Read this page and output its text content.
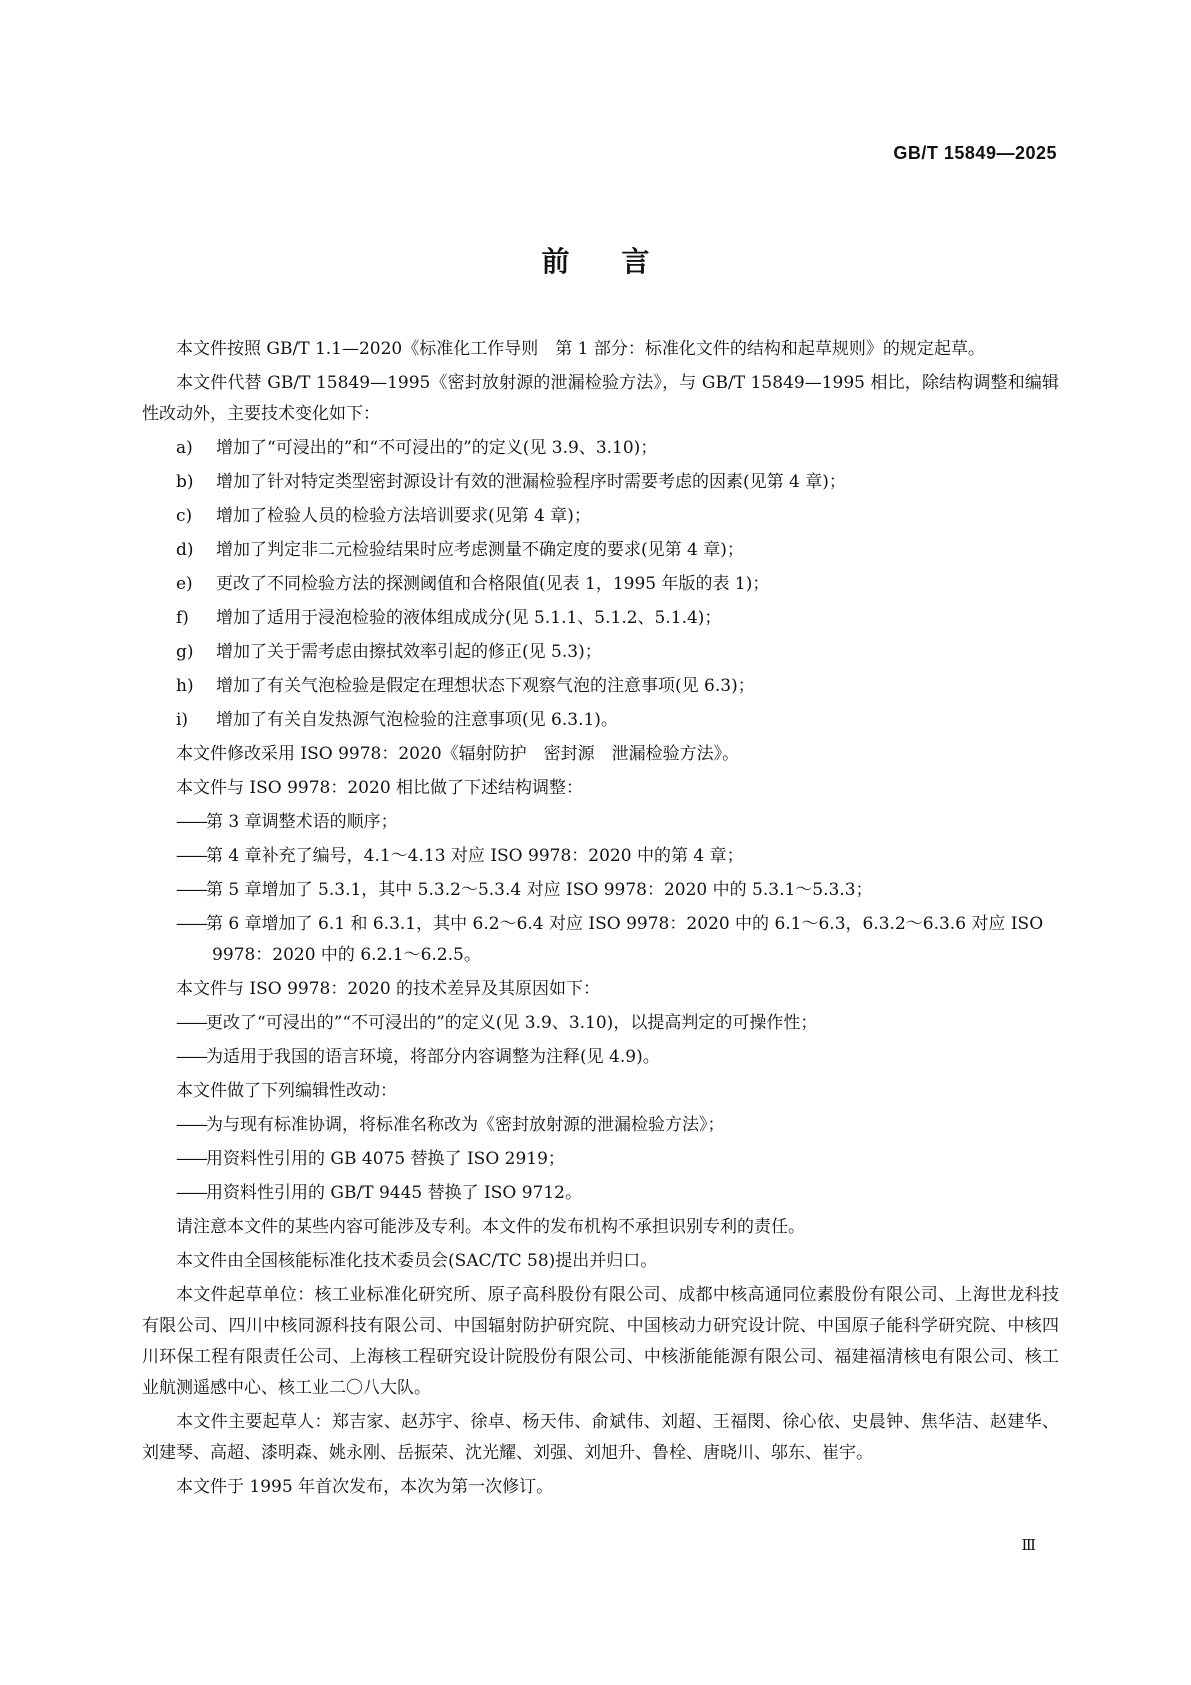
GB/T 15849—2025
前言

本文件按照 GB/T 1.1—2020《标准化工作导则　第 1 部分：标准化文件的结构和起草规则》的规定起草。

本文件代替 GB/T 15849—1995《密封放射源的泄漏检验方法》，与 GB/T 15849—1995 相比，除结构调整和编辑性改动外，主要技术变化如下：

a) 增加了“可浸出的”和“不可浸出的”的定义(见 3.9、3.10)；
b) 增加了针对特定类型密封源设计有效的泄漏检验程序时需要考虑的因素(见第 4 章)；
c) 增加了检验人员的检验方法培训要求(见第 4 章)；
d) 增加了判定非二元检验结果时应考虑测量不确定度的要求(见第 4 章)；
e) 更改了不同检验方法的探测阈值和合格限值(见表 1，1995 年版的表 1)；
f) 增加了适用于浸泡检验的液体组成成分(见 5.1.1、5.1.2、5.1.4)；
g) 增加了关于需考虑由擦拭效率引起的修正(见 5.3)；
h) 增加了有关气泡检验是假定在理想状态下观察气泡的注意事项(见 6.3)；
i) 增加了有关自发热源气泡检验的注意事项(见 6.3.1)。

本文件修改采用 ISO 9978：2020《辐射防护　密封源　泄漏检验方法》。

本文件与 ISO 9978：2020 相比做了下述结构调整：

——第 3 章调整术语的顺序；
——第 4 章补充了编号，4.1～4.13 对应 ISO 9978：2020 中的第 4 章；
——第 5 章增加了 5.3.1，其中 5.3.2～5.3.4 对应 ISO 9978：2020 中的 5.3.1～5.3.3；
——第 6 章增加了 6.1 和 6.3.1，其中 6.2～6.4 对应 ISO 9978：2020 中的 6.1～6.3，6.3.2～6.3.6 对应 ISO 9978：2020 中的 6.2.1～6.2.5。

本文件与 ISO 9978：2020 的技术差异及其原因如下：

——更改了“可浸出的”“不可浸出的”的定义(见 3.9、3.10)，以提高判定的可操作性；
——为适用于我国的语言环境，将部分内容调整为注释(见 4.9)。

本文件做了下列编辑性改动：

——为与现有标准协调，将标准名称改为《密封放射源的泄漏检验方法》；
——用资料性引用的 GB 4075 替换了 ISO 2919；
——用资料性引用的 GB/T 9445 替换了 ISO 9712。

请注意本文件的某些内容可能涉及专利。本文件的发布机构不承担识别专利的责任。

本文件由全国核能标准化技术委员会(SAC/TC 58)提出并归口。

本文件起草单位：核工业标准化研究所、原子高科股份有限公司、成都中核高通同位素股份有限公司、上海世龙科技有限公司、四川中核同源科技有限公司、中国辐射防护研究院、中国核动力研究设计院、中国原子能科学研究院、中核四川环保工程有限责任公司、上海核工程研究设计院股份有限公司、中核浙能能源有限公司、福建福清核电有限公司、核工业航测遥感中心、核工业二〇八大队。

本文件主要起草人：郑吉家、赵苏宇、徐卓、杨天伟、俞斌伟、刘超、王福閔、徐心依、史晨钟、焦华洁、赵建华、刘建琴、高超、漆明森、姚永刚、岳振荣、沈光耀、刘强、刘旭升、鲁栓、唐晓川、邬东、崔宇。

本文件于 1995 年首次发布，本次为第一次修订。

Ⅲ
